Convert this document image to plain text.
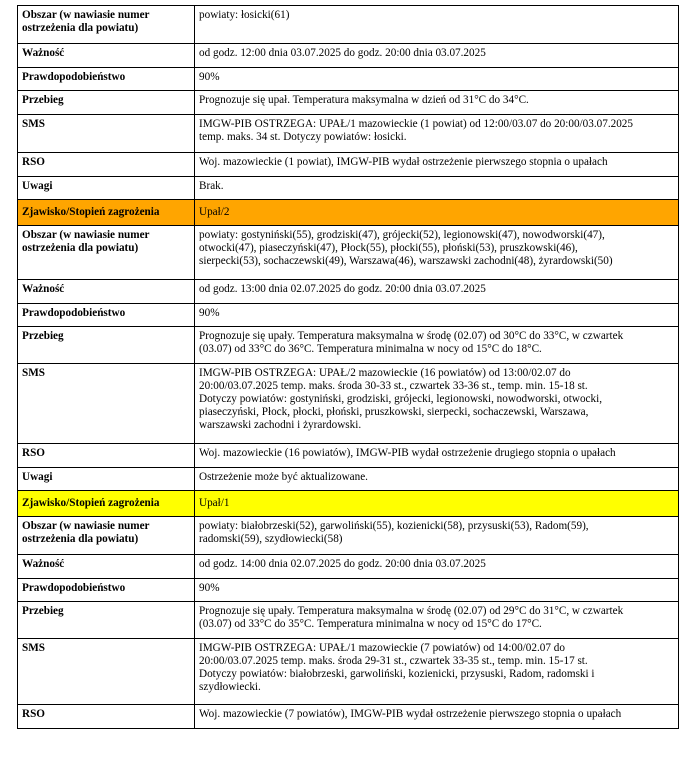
Obszar (w nawiasie numer ostrzeżenia dla powiatu)	powiaty: łosicki(61)
Ważność	od godz. 12:00 dnia 03.07.2025 do godz. 20:00 dnia 03.07.2025
Prawdopodobieństwo	90%
Przebieg	Prognozuje się upał. Temperatura maksymalna w dzień od 31°C do 34°C.
SMS	IMGW-PIB OSTRZEGA: UPAŁ/1 mazowieckie (1 powiat) od 12:00/03.07 do 20:00/03.07.2025
temp. maks. 34 st. Dotyczy powiatów: łosicki.
RSO	Woj. mazowieckie (1 powiat), IMGW-PIB wydał ostrzeżenie pierwszego stopnia o upałach
Uwagi	Brak.
Zjawisko/Stopień zagrożenia	Upał/2
Obszar (w nawiasie numer ostrzeżenia dla powiatu)	powiaty: gostyniński(55), grodziski(47), grójecki(52), legionowski(47), nowodworski(47),
otwocki(47), piaseczyński(47), Płock(55), płocki(55), płoński(53), pruszkowski(46),
sierpecki(53), sochaczewski(49), Warszawa(46), warszawski zachodni(48), żyrardowski(50)
Ważność	od godz. 13:00 dnia 02.07.2025 do godz. 20:00 dnia 03.07.2025
Prawdopodobieństwo	90%
Przebieg	Prognozuje się upały. Temperatura maksymalna w środę (02.07) od 30°C do 33°C, w czwartek
(03.07) od 33°C do 36°C. Temperatura minimalna w nocy od 15°C do 18°C.
SMS	IMGW-PIB OSTRZEGA: UPAŁ/2 mazowieckie (16 powiatów) od 13:00/02.07 do
20:00/03.07.2025 temp. maks. środa 30-33 st., czwartek 33-36 st., temp. min. 15-18 st.
Dotyczy powiatów: gostyniński, grodziski, grójecki, legionowski, nowodworski, otwocki,
piaseczyński, Płock, płocki, płoński, pruszkowski, sierpecki, sochaczewski, Warszawa,
warszawski zachodni i żyrardowski.
RSO	Woj. mazowieckie (16 powiatów), IMGW-PIB wydał ostrzeżenie drugiego stopnia o upałach
Uwagi	Ostrzeżenie może być aktualizowane.
Zjawisko/Stopień zagrożenia	Upał/1
Obszar (w nawiasie numer ostrzeżenia dla powiatu)	powiaty: białobrzeski(52), garwoliński(55), kozienicki(58), przysuski(53), Radom(59),
radomski(59), szydłowiecki(58)
Ważność	od godz. 14:00 dnia 02.07.2025 do godz. 20:00 dnia 03.07.2025
Prawdopodobieństwo	90%
Przebieg	Prognozuje się upały. Temperatura maksymalna w środę (02.07) od 29°C do 31°C, w czwartek
(03.07) od 33°C do 35°C. Temperatura minimalna w nocy od 15°C do 17°C.
SMS	IMGW-PIB OSTRZEGA: UPAŁ/1 mazowieckie (7 powiatów) od 14:00/02.07 do
20:00/03.07.2025 temp. maks. środa 29-31 st., czwartek 33-35 st., temp. min. 15-17 st.
Dotyczy powiatów: białobrzeski, garwoliński, kozienicki, przysuski, Radom, radomski i
szydłowiecki.
RSO	Woj. mazowieckie (7 powiatów), IMGW-PIB wydał ostrzeżenie pierwszego stopnia o upałach
